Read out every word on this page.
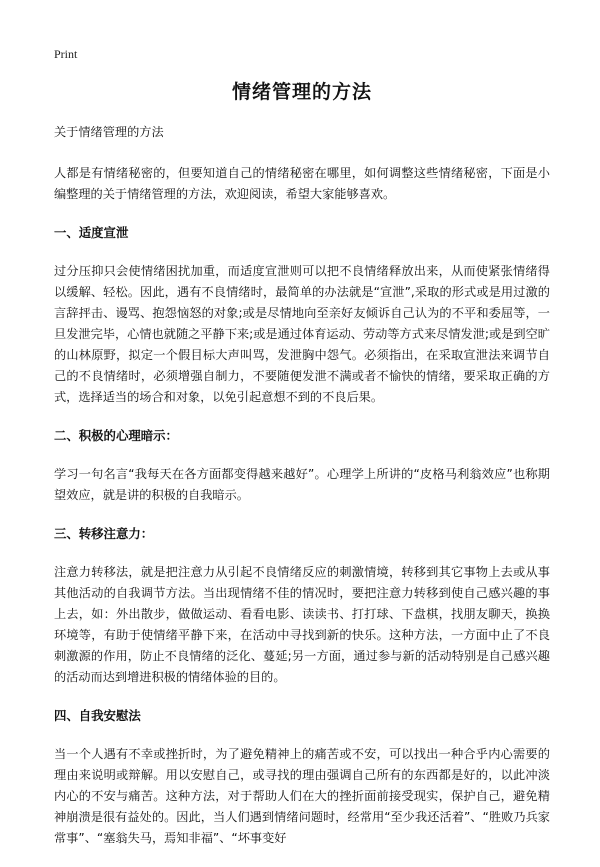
Print
情绪管理的方法
关于情绪管理的方法
人都是有情绪秘密的，但要知道自己的情绪秘密在哪里，如何调整这些情绪秘密，下面是小编整理的关于情绪管理的方法，欢迎阅读，希望大家能够喜欢。
一、适度宣泄
过分压抑只会使情绪困扰加重，而适度宣泄则可以把不良情绪释放出来，从而使紧张情绪得以缓解、轻松。因此，遇有不良情绪时，最简单的办法就是“宣泄”,采取的形式或是用过激的言辞抨击、谩骂、抱怨恼怒的对象;或是尽情地向至亲好友倾诉自己认为的不平和委屈等，一旦发泄完毕，心情也就随之平静下来;或是通过体育运动、劳动等方式来尽情发泄;或是到空旷的山林原野，拟定一个假目标大声叫骂，发泄胸中怨气。必须指出，在采取宣泄法来调节自己的不良情绪时，必须增强自制力，不要随便发泄不满或者不愉快的情绪，要采取正确的方式，选择适当的场合和对象，以免引起意想不到的不良后果。
二、积极的心理暗示：
学习一句名言“我每天在各方面都变得越来越好”。心理学上所讲的“皮格马利翁效应”也称期望效应，就是讲的积极的自我暗示。
三、转移注意力：
注意力转移法，就是把注意力从引起不良情绪反应的刺激情境，转移到其它事物上去或从事其他活动的自我调节方法。当出现情绪不佳的情况时，要把注意力转移到使自己感兴趣的事上去，如：外出散步，做做运动、看看电影、读读书、打打球、下盘棋，找朋友聊天，换换环境等，有助于使情绪平静下来，在活动中寻找到新的快乐。这种方法，一方面中止了不良刺激源的作用，防止不良情绪的泛化、蔓延;另一方面，通过参与新的活动特别是自己感兴趣的活动而达到增进积极的情绪体验的目的。
四、自我安慰法
当一个人遇有不幸或挫折时，为了避免精神上的痛苦或不安，可以找出一种合乎内心需要的理由来说明或辩解。用以安慰自己，或寻找的理由强调自己所有的东西都是好的，以此冲淡内心的不安与痛苦。这种方法，对于帮助人们在大的挫折面前接受现实，保护自己，避免精神崩溃是很有益处的。因此，当人们遇到情绪问题时，经常用“至少我还活着”、“胜败乃兵家常事”、“塞翁失马，焉知非福”、“坏事变好
